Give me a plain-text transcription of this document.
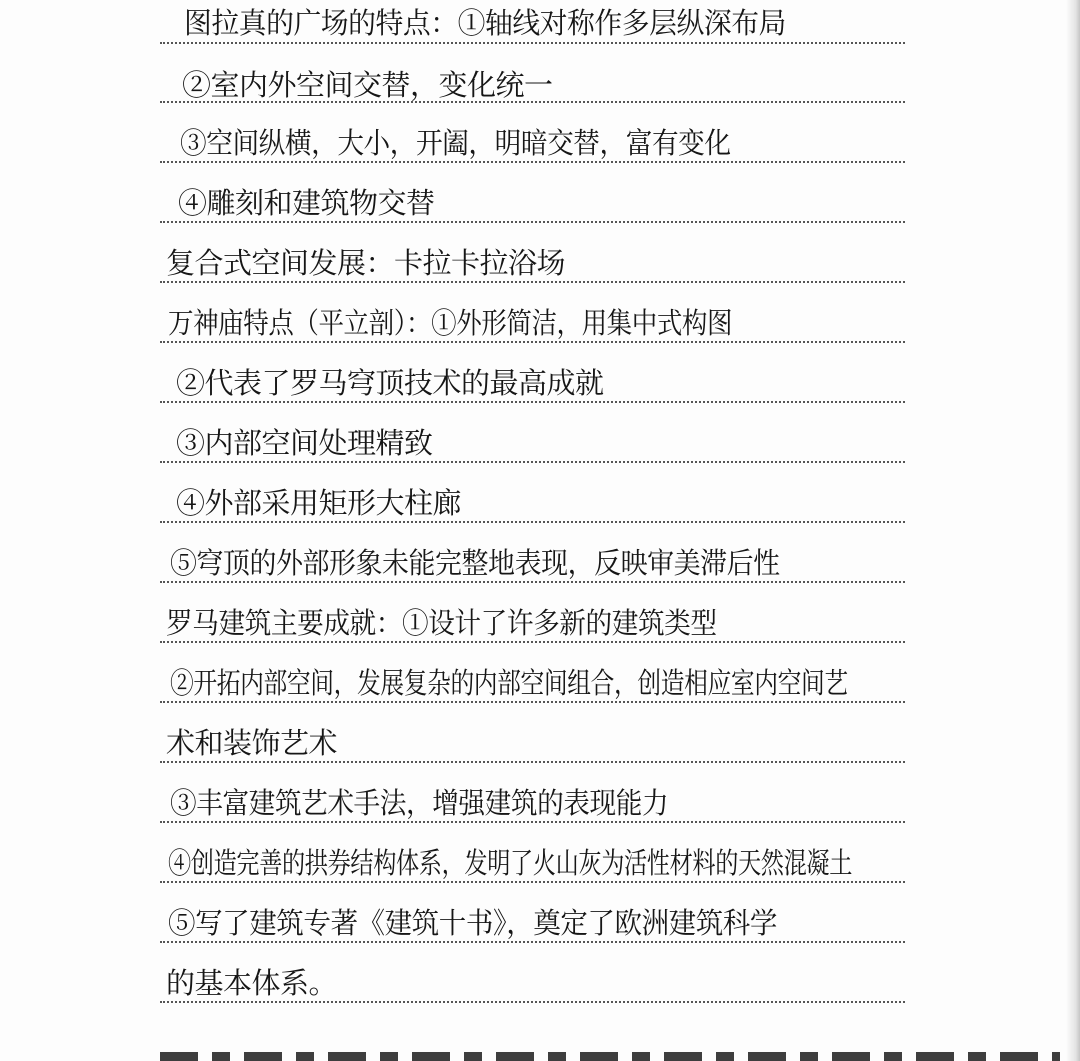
图拉真的广场的特点：①轴线对称作多层纵深布局
②室内外空间交替，变化统一
③空间纵横，大小，开阖，明暗交替，富有变化
④雕刻和建筑物交替
复合式空间发展：卡拉卡拉浴场
万神庙特点（平立剖）：①外形简洁，用集中式构图
②代表了罗马穹顶技术的最高成就
③内部空间处理精致
④外部采用矩形大柱廊
⑤穹顶的外部形象未能完整地表现，反映审美滞后性
罗马建筑主要成就：①设计了许多新的建筑类型
②开拓内部空间，发展复杂的内部空间组合，创造相应室内空间艺
术和装饰艺术
③丰富建筑艺术手法，增强建筑的表现能力
④创造完善的拱券结构体系，发明了火山灰为活性材料的天然混凝土
⑤写了建筑专著《建筑十书》，奠定了欧洲建筑科学
的基本体系。
